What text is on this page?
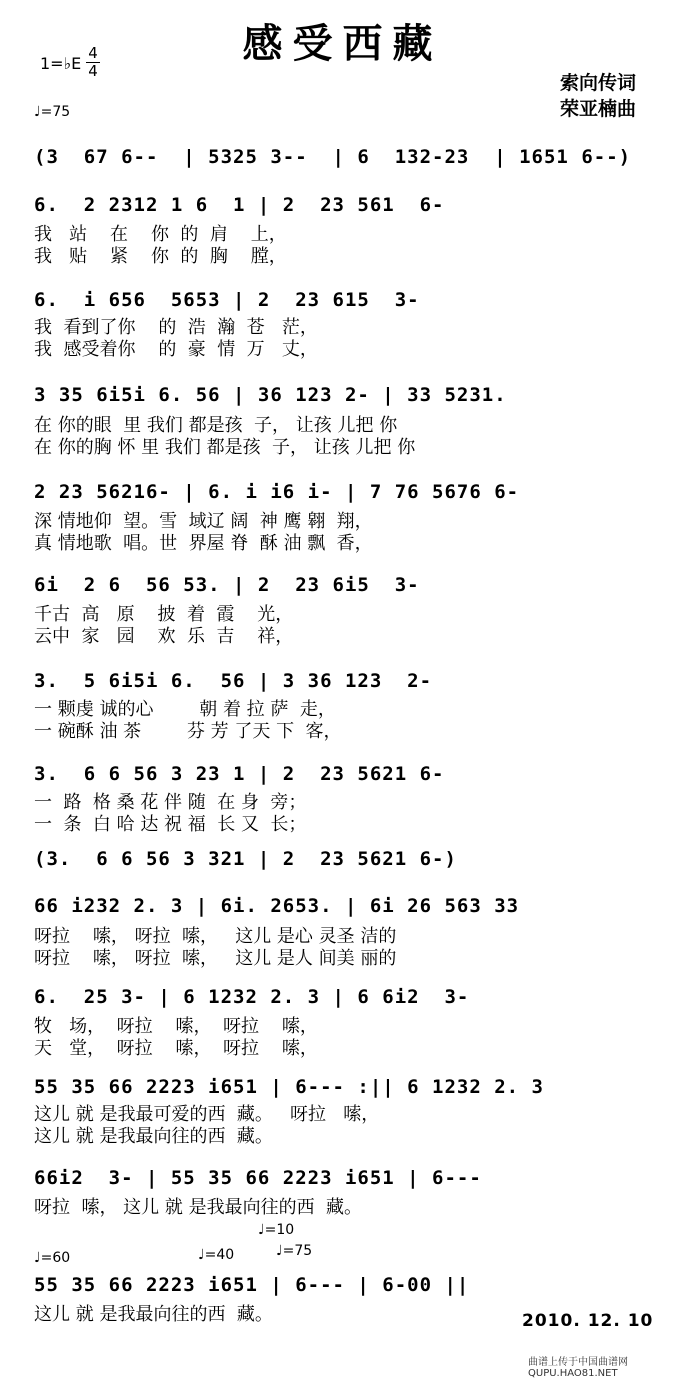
感受西藏
1=♭E
4
4
♩=75
索向传词
荣亚楠曲
(3  67 6--  | 5325 3--  | 6  132-23  | 1651 6--)
6.  2 2312 1 6  1 | 2  23 561  6-
我   站    在    你  的  肩    上，
我   贴    紧    你  的  胸    膛，
6.  i 656  5653 | 2  23 615  3-
我  看到了你    的  浩  瀚  苍   茫，
我  感受着你    的  豪  情  万   丈，
3 35 6i5i 6. 56 | 36 123 2- | 33 5231.
在 你的眼  里 我们 都是孩  子， 让孩 儿把 你
在 你的胸 怀 里 我们 都是孩  子， 让孩 儿把 你
2 23 56216- | 6. i i6 i- | 7 76 5676 6-
深 情地仰  望。雪  域辽 阔  神 鹰 翱  翔，
真 情地歌  唱。世  界屋 脊  酥 油 飘  香，
6i  2 6  56 53. | 2  23 6i5  3-
千古  高   原    披  着  霞    光，
云中  家   园    欢  乐  吉    祥，
3.  5 6i5i 6.  56 | 3 36 123  2-
一 颗虔 诚的心        朝 着 拉 萨  走，
一 碗酥 油 茶        芬 芳 了天 下  客，
3.  6 6 56 3 23 1 | 2  23 5621 6-
一  路  格 桑 花 伴 随  在 身  旁；
一  条  白 哈 达 祝 福  长 又  长；
(3.  6 6 56 3 321 | 2  23 5621 6-)
66 i232 2. 3 | 6i. 2653. | 6i 26 563 33
呀拉    嗦， 呀拉  嗦，   这儿 是心 灵圣 洁的
呀拉    嗦， 呀拉  嗦，   这儿 是人 间美 丽的
6.  25 3- | 6 1232 2. 3 | 6 6i2  3-
牧   场，  呀拉    嗦，  呀拉    嗦，
天   堂，  呀拉    嗦，  呀拉    嗦，
55 35 66 2223 i651 | 6--- :|| 6 1232 2. 3
这儿 就 是我最可爱的西  藏。   呀拉   嗦，
这儿 就 是我最向往的西  藏。
66i2  3- | 55 35 66 2223 i651 | 6---
呀拉  嗦， 这儿 就 是我最向往的西  藏。
♩=10
♩=60	♩=40	♩=75
55 35 66 2223 i651 | 6--- | 6-00 ||
这儿 就 是我最向往的西  藏。	2010. 12. 10
曲谱上传于中国曲谱网
QUPU.HAO81.NET
